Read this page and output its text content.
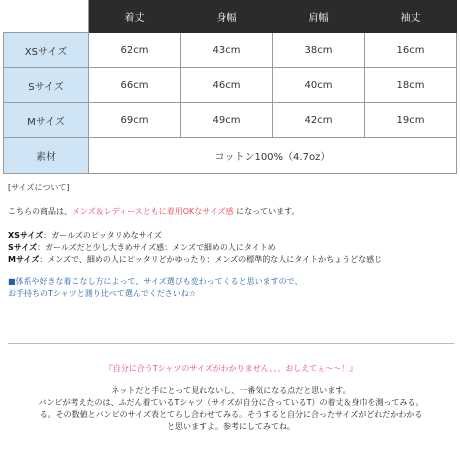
	着丈	身幅	肩幅	袖丈
XSサイズ	62cm	43cm	38cm	16cm
Sサイズ	66cm	46cm	40cm	18cm
Mサイズ	69cm	49cm	42cm	19cm
素材	コットン100%（4.7oz）			
[サイズについて]
こちらの商品は、メンズ＆レディースともに着用OKなサイズ感 になっています。
XSサイズ：ガールズのピッタリめなサイズ
Sサイズ：ガールズだと少し大きめサイズ感：メンズで細めの人にタイトめ
Mサイズ：メンズで、細めの人にピッタリどかゆったり：メンズの標準的な人にタイトかちょうどな感じ
■体系や好きな着こなし方によって、サイズ選びも変わってくると思いますので、
お手持ちのTシャツと測り比べて選んでくださいね☆
『自分に合うTシャツのサイズがわかりません、、、おしえてぇ〜〜！』
ネットだと手にとって見れないし、一番気になる点だと思います。
バンビが考えたのは、ふだん着ているTシャツ（サイズが自分に合っているT）の着丈＆身巾を測ってみる。
る。その数値とバンビのサイズ表とてらし合わせてみる。そうすると自分に合ったサイズがどれだかわかる
と思いますよ。参考にしてみてね。
